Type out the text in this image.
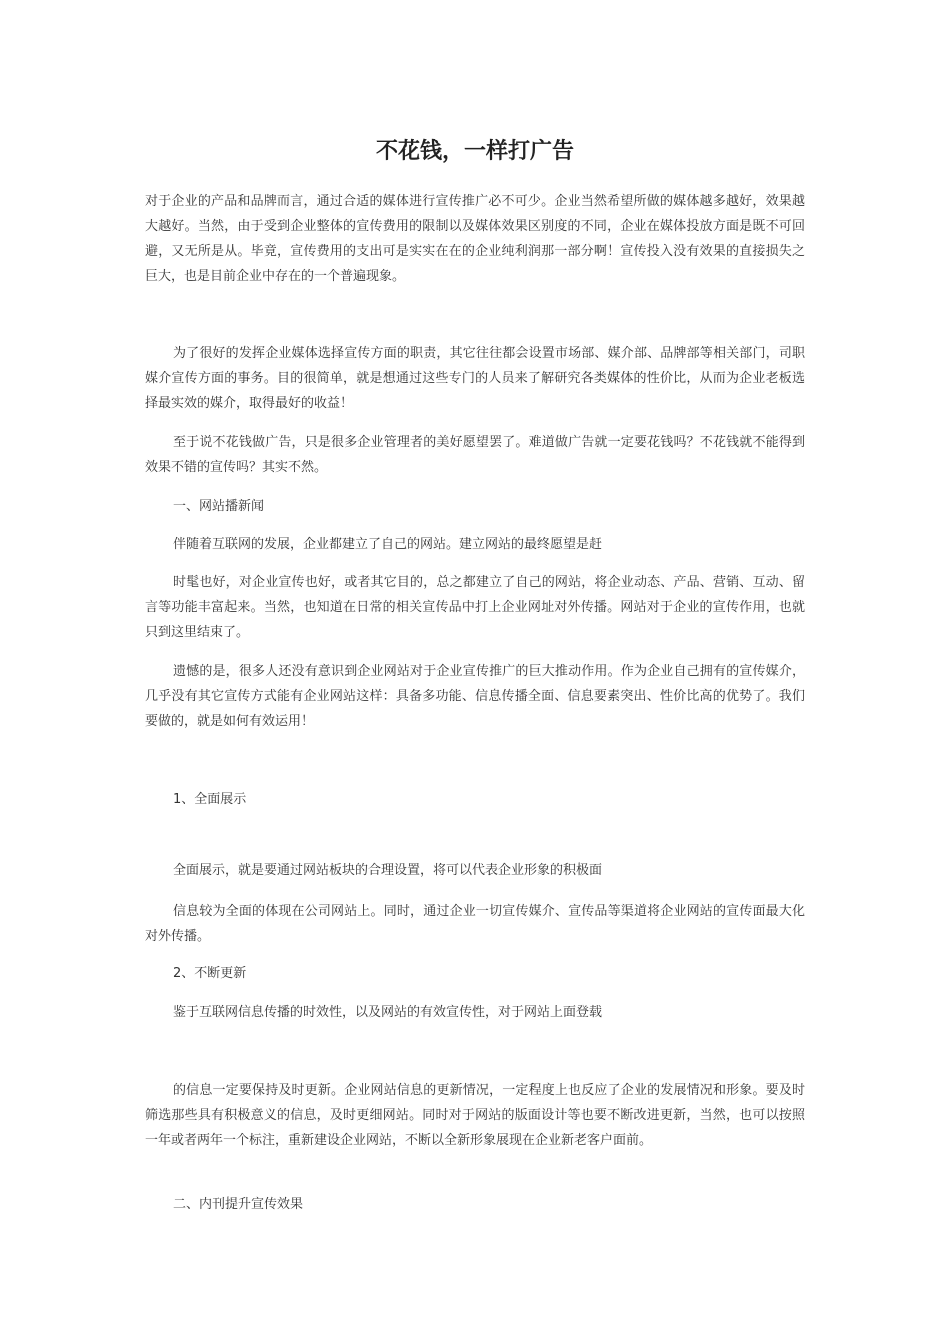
不花钱，一样打广告

对于企业的产品和品牌而言，通过合适的媒体进行宣传推广必不可少。企业当然希望所做的媒体越多越好，效果越大越好。当然，由于受到企业整体的宣传费用的限制以及媒体效果区别度的不同，企业在媒体投放方面是既不可回避，又无所是从。毕竟，宣传费用的支出可是实实在在的企业纯利润那一部分啊！宣传投入没有效果的直接损失之巨大，也是目前企业中存在的一个普遍现象。

为了很好的发挥企业媒体选择宣传方面的职责，其它往往都会设置市场部、媒介部、品牌部等相关部门，司职媒介宣传方面的事务。目的很简单，就是想通过这些专门的人员来了解研究各类媒体的性价比，从而为企业老板选择最实效的媒介，取得最好的收益！

至于说不花钱做广告，只是很多企业管理者的美好愿望罢了。难道做广告就一定要花钱吗？不花钱就不能得到效果不错的宣传吗？其实不然。

一、网站播新闻

伴随着互联网的发展，企业都建立了自己的网站。建立网站的最终愿望是赶

时髦也好，对企业宣传也好，或者其它目的，总之都建立了自己的网站，将企业动态、产品、营销、互动、留言等功能丰富起来。当然，也知道在日常的相关宣传品中打上企业网址对外传播。网站对于企业的宣传作用，也就只到这里结束了。

遗憾的是，很多人还没有意识到企业网站对于企业宣传推广的巨大推动作用。作为企业自己拥有的宣传媒介，几乎没有其它宣传方式能有企业网站这样：具备多功能、信息传播全面、信息要素突出、性价比高的优势了。我们要做的，就是如何有效运用！

1、全面展示

全面展示，就是要通过网站板块的合理设置，将可以代表企业形象的积极面

信息较为全面的体现在公司网站上。同时，通过企业一切宣传媒介、宣传品等渠道将企业网站的宣传面最大化对外传播。

2、不断更新

鉴于互联网信息传播的时效性，以及网站的有效宣传性，对于网站上面登载

的信息一定要保持及时更新。企业网站信息的更新情况，一定程度上也反应了企业的发展情况和形象。要及时筛选那些具有积极意义的信息，及时更细网站。同时对于网站的版面设计等也要不断改进更新，当然，也可以按照一年或者两年一个标注，重新建设企业网站，不断以全新形象展现在企业新老客户面前。

二、内刊提升宣传效果
